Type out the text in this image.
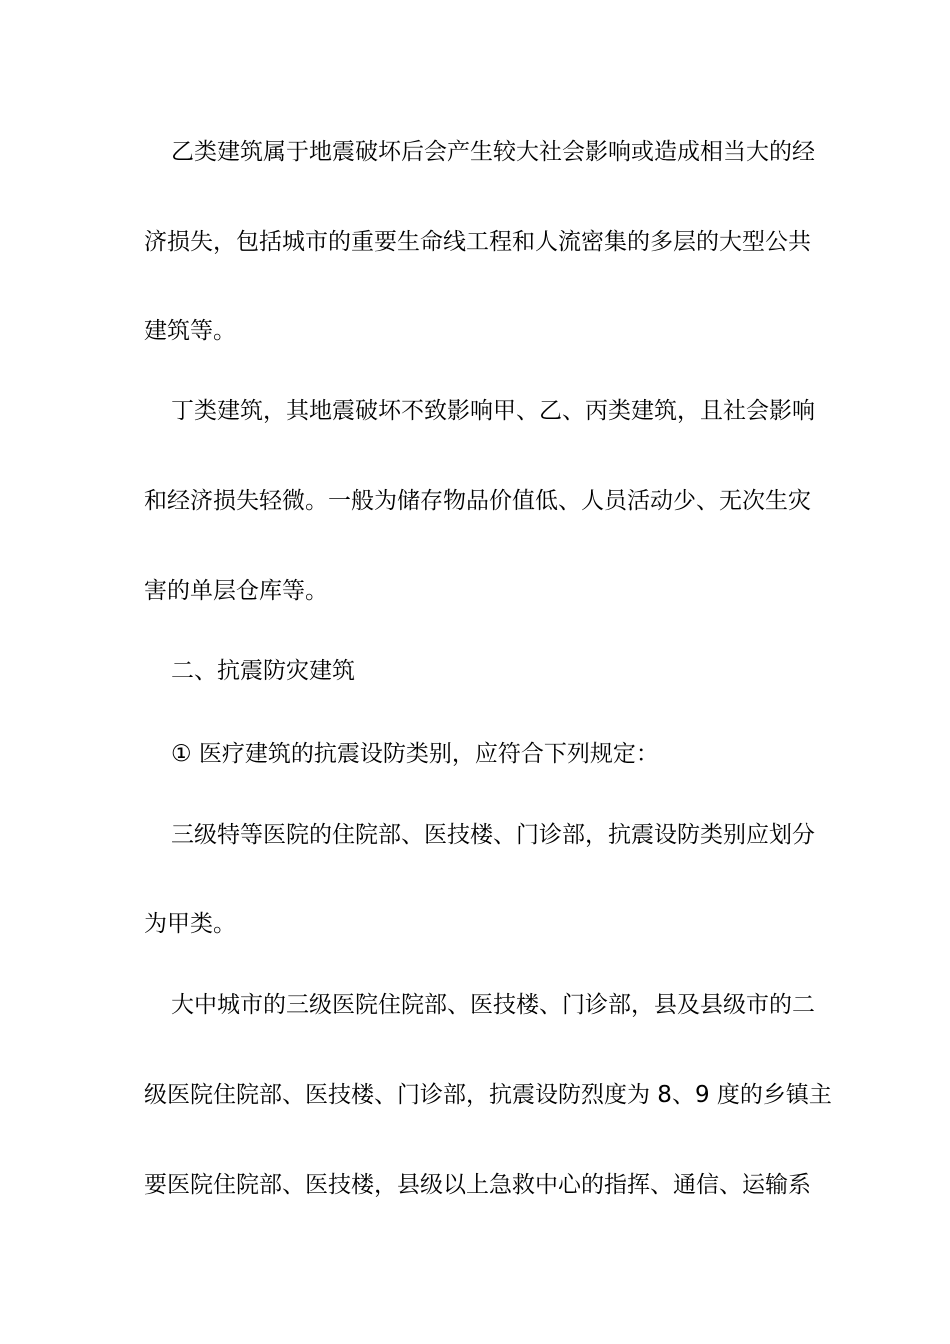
乙类建筑属于地震破坏后会产生较大社会影响或造成相当大的经
济损失，包括城市的重要生命线工程和人流密集的多层的大型公共
建筑等。
丁类建筑，其地震破坏不致影响甲、乙、丙类建筑，且社会影响
和经济损失轻微。一般为储存物品价值低、人员活动少、无次生灾
害的单层仓库等。
二、抗震防灾建筑
① 医疗建筑的抗震设防类别，应符合下列规定：
三级特等医院的住院部、医技楼、门诊部，抗震设防类别应划分
为甲类。
大中城市的三级医院住院部、医技楼、门诊部，县及县级市的二
级医院住院部、医技楼、门诊部，抗震设防烈度为 8、9 度的乡镇主
要医院住院部、医技楼，县级以上急救中心的指挥、通信、运输系
